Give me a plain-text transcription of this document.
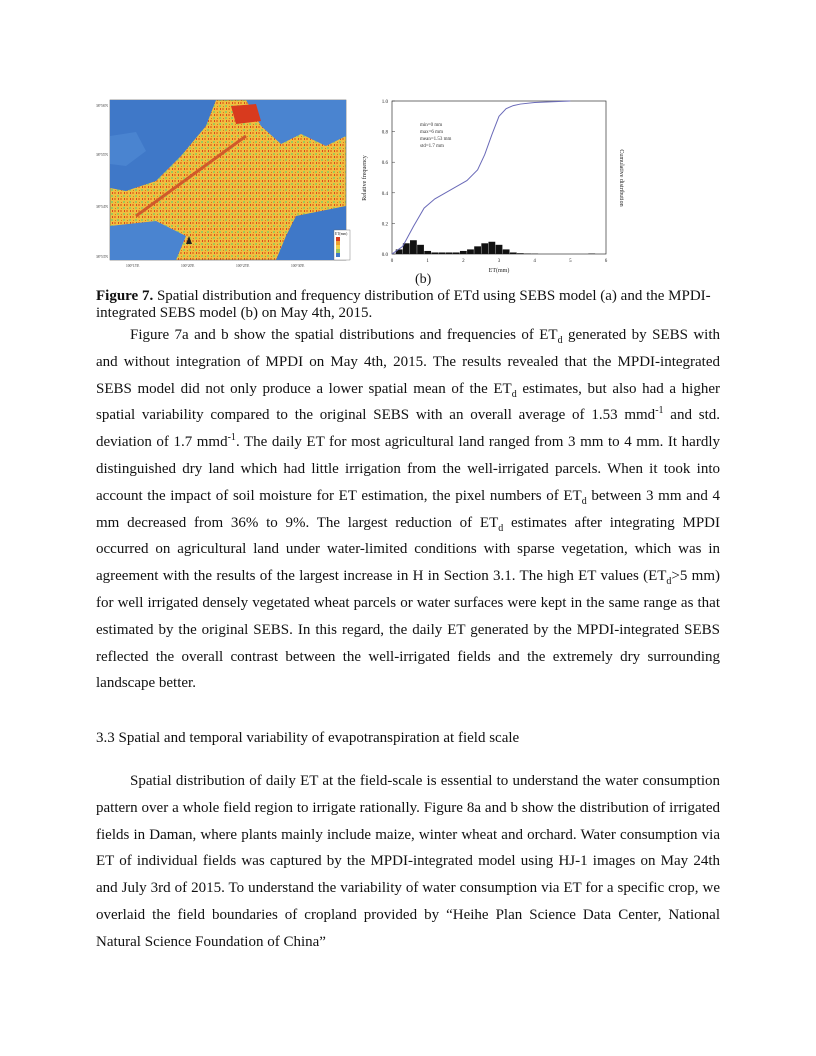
38°56'N
38°55'N
38°54'N
38°53'N
100°15'E	100°20'E	100°25'E	100°30'E
ET(mm)
0.0
0.2
0.4
0.6
0.8
1.0
0	1	2	3	4	5	6
Relative frequency	Cumulative distribution
ET(mm)
min=0 mm
max=6 mm
mean=1.53 mm
std=1.7 mm
(b)
Figure 7. Spatial distribution and frequency distribution of ETd using SEBS model (a) and the MPDI-integrated SEBS model (b) on May 4th, 2015.

Figure 7a and b show the spatial distributions and frequencies of $ET_d$ generated by SEBS with and without integration of MPDI on May 4th, 2015. The results revealed that the MPDI-integrated SEBS model did not only produce a lower spatial mean of the $ET_d$ estimates, but also had a higher spatial variability compared to the original SEBS with an overall average of 1.53 mmd$^{-1}$ and std. deviation of 1.7 mmd$^{-1}$. The daily ET for most agricultural land ranged from 3 mm to 4 mm. It hardly distinguished dry land which had little irrigation from the well-irrigated parcels. When it took into account the impact of soil moisture for ET estimation, the pixel numbers of $ET_d$ between 3 mm and 4 mm decreased from 36% to 9%. The largest reduction of $ET_d$ estimates after integrating MPDI occurred on agricultural land under water-limited conditions with sparse vegetation, which was in agreement with the results of the largest increase in H in Section 3.1. The high ET values ($ET_d>5$ mm) for well irrigated densely vegetated wheat parcels or water surfaces were kept in the same range as that estimated by the original SEBS. In this regard, the daily ET generated by the MPDI-integrated SEBS reflected the overall contrast between the well-irrigated fields and the extremely dry surrounding landscape better.

3.3 Spatial and temporal variability of evapotranspiration at field scale

Spatial distribution of daily ET at the field-scale is essential to understand the water consumption pattern over a whole field region to irrigate rationally. Figure 8a and b show the distribution of irrigated fields in Daman, where plants mainly include maize, winter wheat and orchard. Water consumption via ET of individual fields was captured by the MPDI-integrated model using HJ-1 images on May 24th and July 3rd of 2015. To understand the variability of water consumption via ET for a specific crop, we overlaid the field boundaries of cropland provided by “Heihe Plan Science Data Center, National Natural Science Foundation of China”
